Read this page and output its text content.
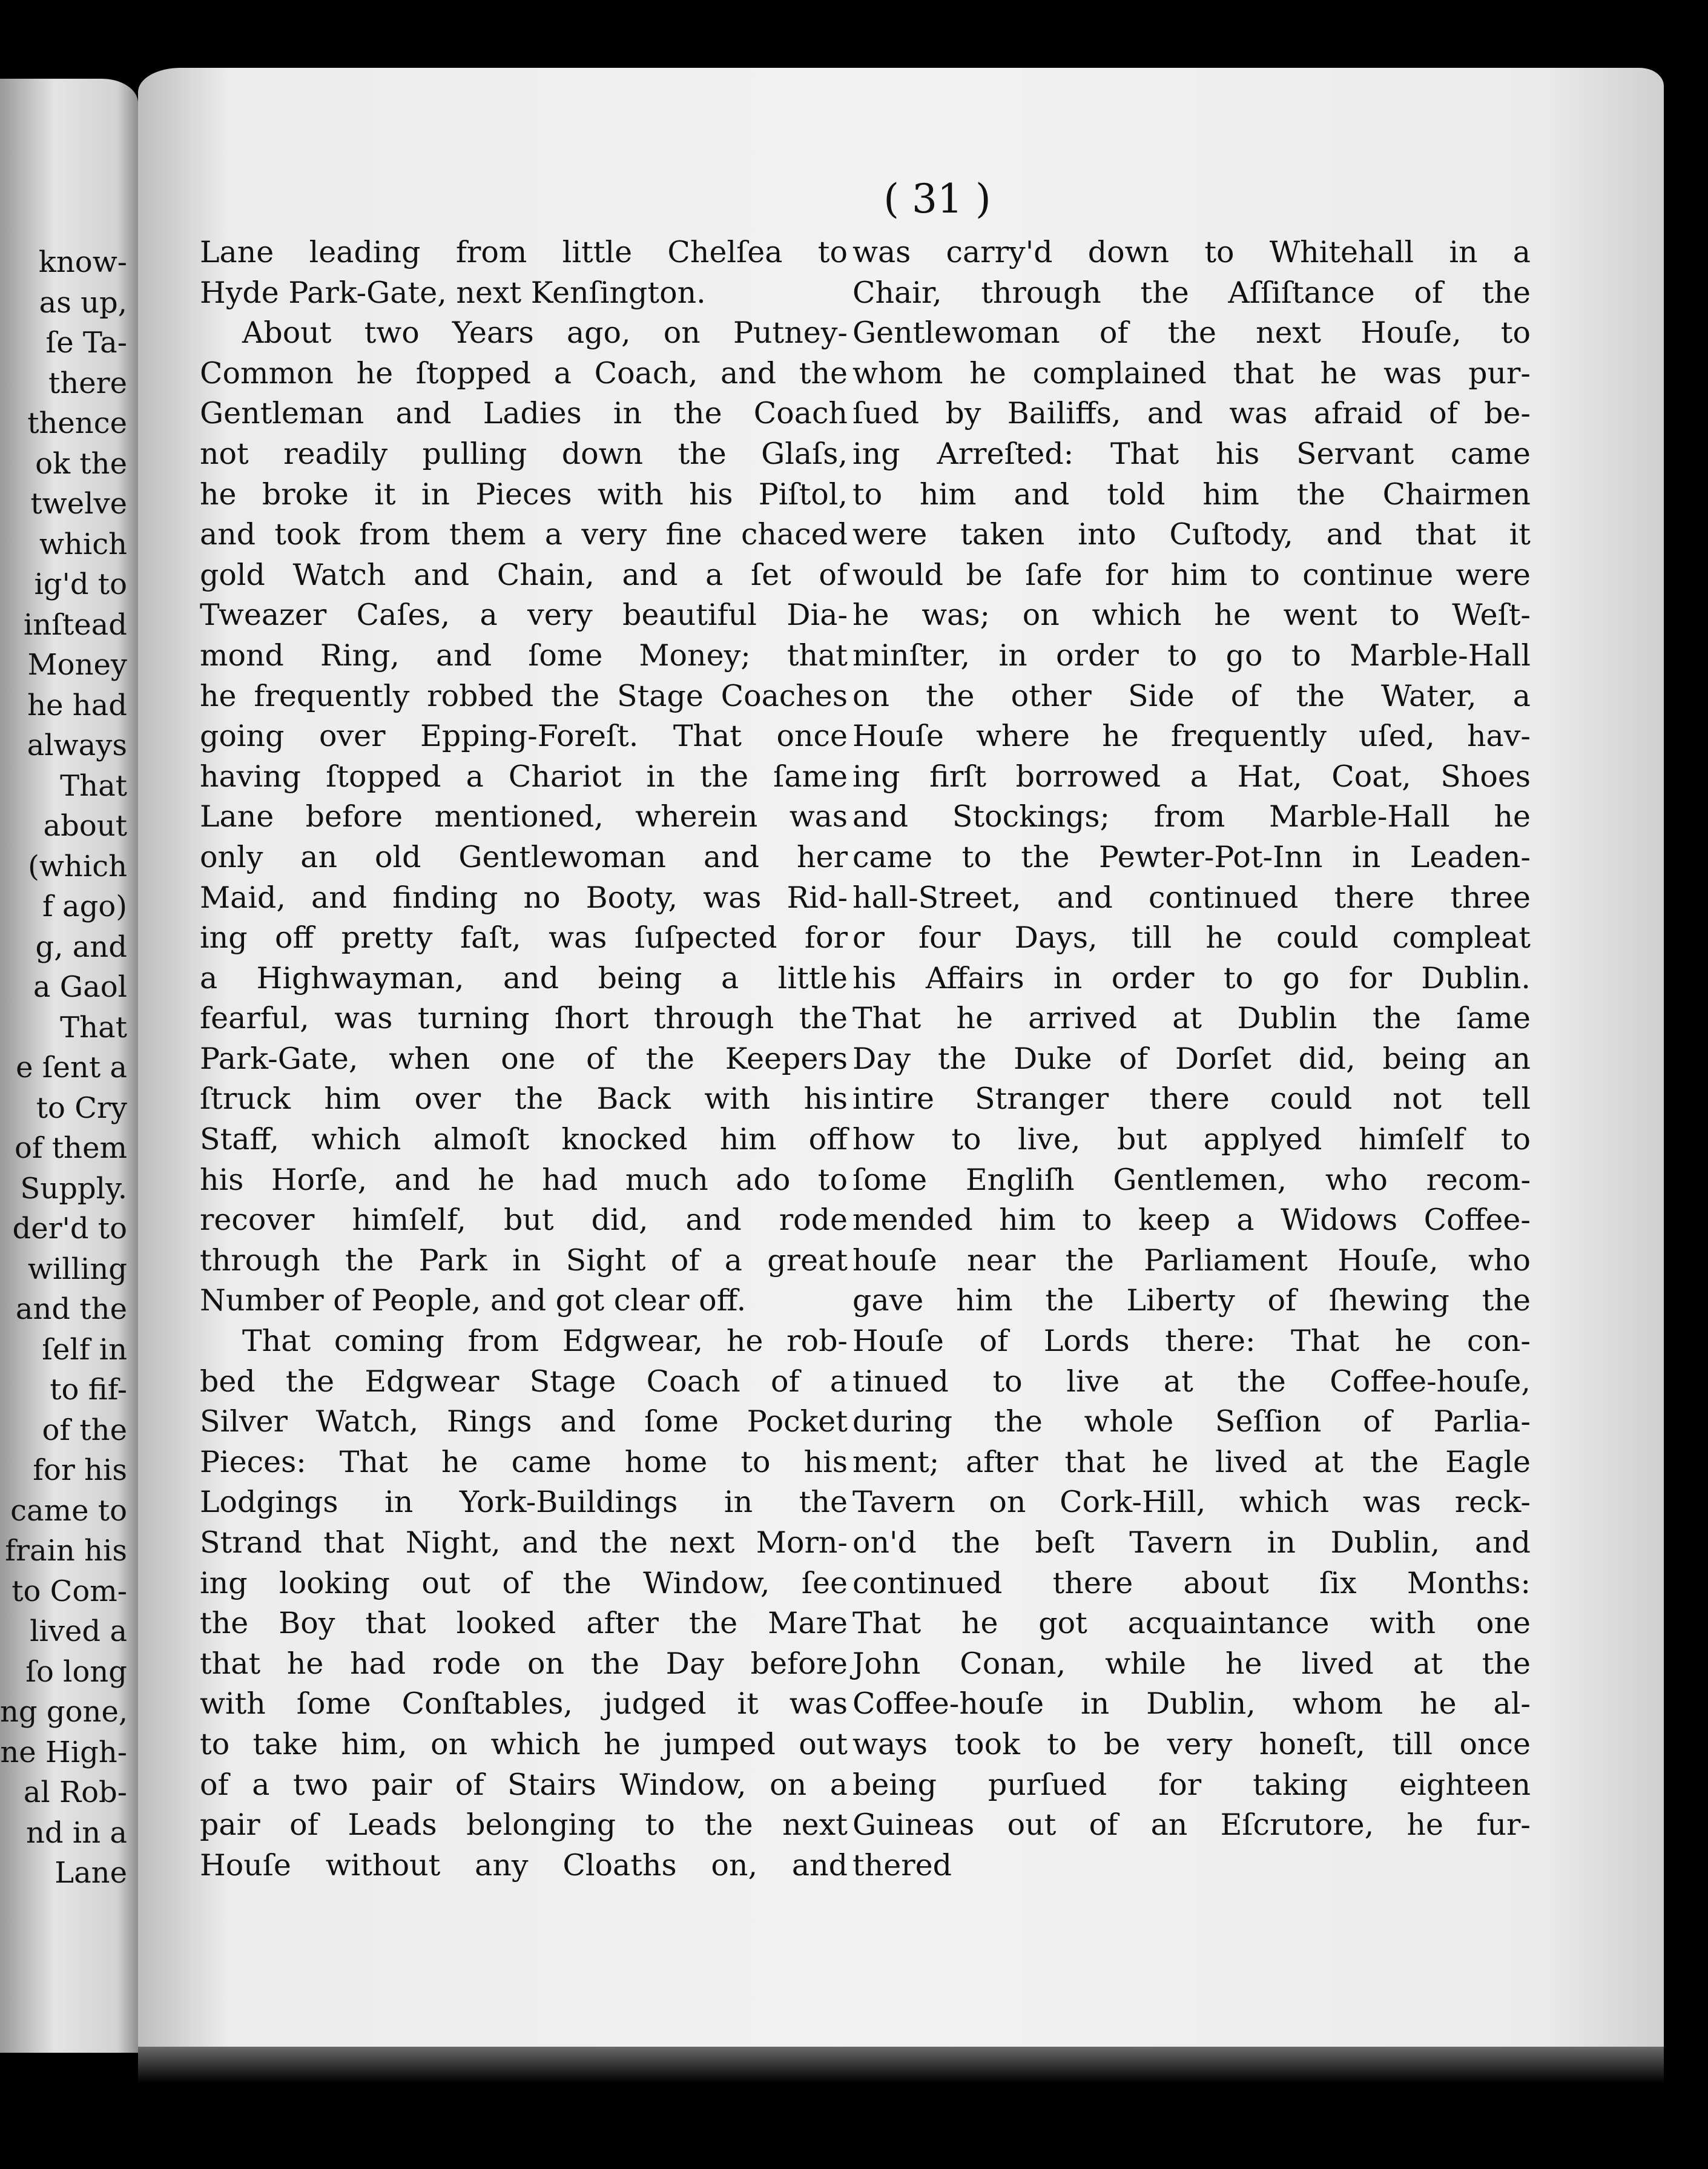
know-
as up,
ſe Ta-
there
thence
ok the
twelve
which
ig'd to
inſtead
Money
he had
always
That
about
(which
f ago)
g, and
a Gaol
That
e ſent a
to Cry
of them
Supply.
der'd to
willing
and the
ſelf in
to fif-
of the
for his
came to
frain his
to Com-
lived a
ſo long
ng gone,
ne High-
al Rob-
nd in a
Lane
( 31 )
Lane leading from little Chelſea to
Hyde Park-Gate, next Kenſington.
About two Years ago, on Putney-
Common he ſtopped a Coach, and the
Gentleman and Ladies in the Coach
not readily pulling down the Glaſs,
he broke it in Pieces with his Piſtol,
and took from them a very fine chaced
gold Watch and Chain, and a ſet of
Tweazer Caſes, a very beautiful Dia-
mond Ring, and ſome Money; that
he frequently robbed the Stage Coaches
going over Epping-Foreſt. That once
having ſtopped a Chariot in the ſame
Lane before mentioned, wherein was
only an old Gentlewoman and her
Maid, and finding no Booty, was Rid-
ing off pretty faſt, was ſuſpected for
a Highwayman, and being a little
fearful, was turning ſhort through the
Park-Gate, when one of the Keepers
ſtruck him over the Back with his
Staff, which almoſt knocked him off
his Horſe, and he had much ado to
recover himſelf, but did, and rode
through the Park in Sight of a great
Number of People, and got clear off.
That coming from Edgwear, he rob-
bed the Edgwear Stage Coach of a
Silver Watch, Rings and ſome Pocket
Pieces: That he came home to his
Lodgings in York-Buildings in the
Strand that Night, and the next Morn-
ing looking out of the Window, ſee
the Boy that looked after the Mare
that he had rode on the Day before
with ſome Conſtables, judged it was
to take him, on which he jumped out
of a two pair of Stairs Window, on a
pair of Leads belonging to the next
Houſe without any Cloaths on, and
was carry'd down to Whitehall in a
Chair, through the Aſſiſtance of the
Gentlewoman of the next Houſe, to
whom he complained that he was pur-
ſued by Bailiffs, and was afraid of be-
ing Arreſted: That his Servant came
to him and told him the Chairmen
were taken into Cuſtody, and that it
would be ſafe for him to continue were
he was; on which he went to Weſt-
minſter, in order to go to Marble-Hall
on the other Side of the Water, a
Houſe where he frequently uſed, hav-
ing firſt borrowed a Hat, Coat, Shoes
and Stockings; from Marble-Hall he
came to the Pewter-Pot-Inn in Leaden-
hall-Street, and continued there three
or four Days, till he could compleat
his Affairs in order to go for Dublin.
That he arrived at Dublin the ſame
Day the Duke of Dorſet did, being an
intire Stranger there could not tell
how to live, but applyed himſelf to
ſome Engliſh Gentlemen, who recom-
mended him to keep a Widows Coffee-
houſe near the Parliament Houſe, who
gave him the Liberty of ſhewing the
Houſe of Lords there: That he con-
tinued to live at the Coffee-houſe,
during the whole Seſſion of Parlia-
ment; after that he lived at the Eagle
Tavern on Cork-Hill, which was reck-
on'd the beſt Tavern in Dublin, and
continued there about ſix Months:
That he got acquaintance with one
John Conan, while he lived at the
Coffee-houſe in Dublin, whom he al-
ways took to be very honeſt, till once
being purſued for taking eighteen
Guineas out of an Eſcrutore, he fur-
thered
